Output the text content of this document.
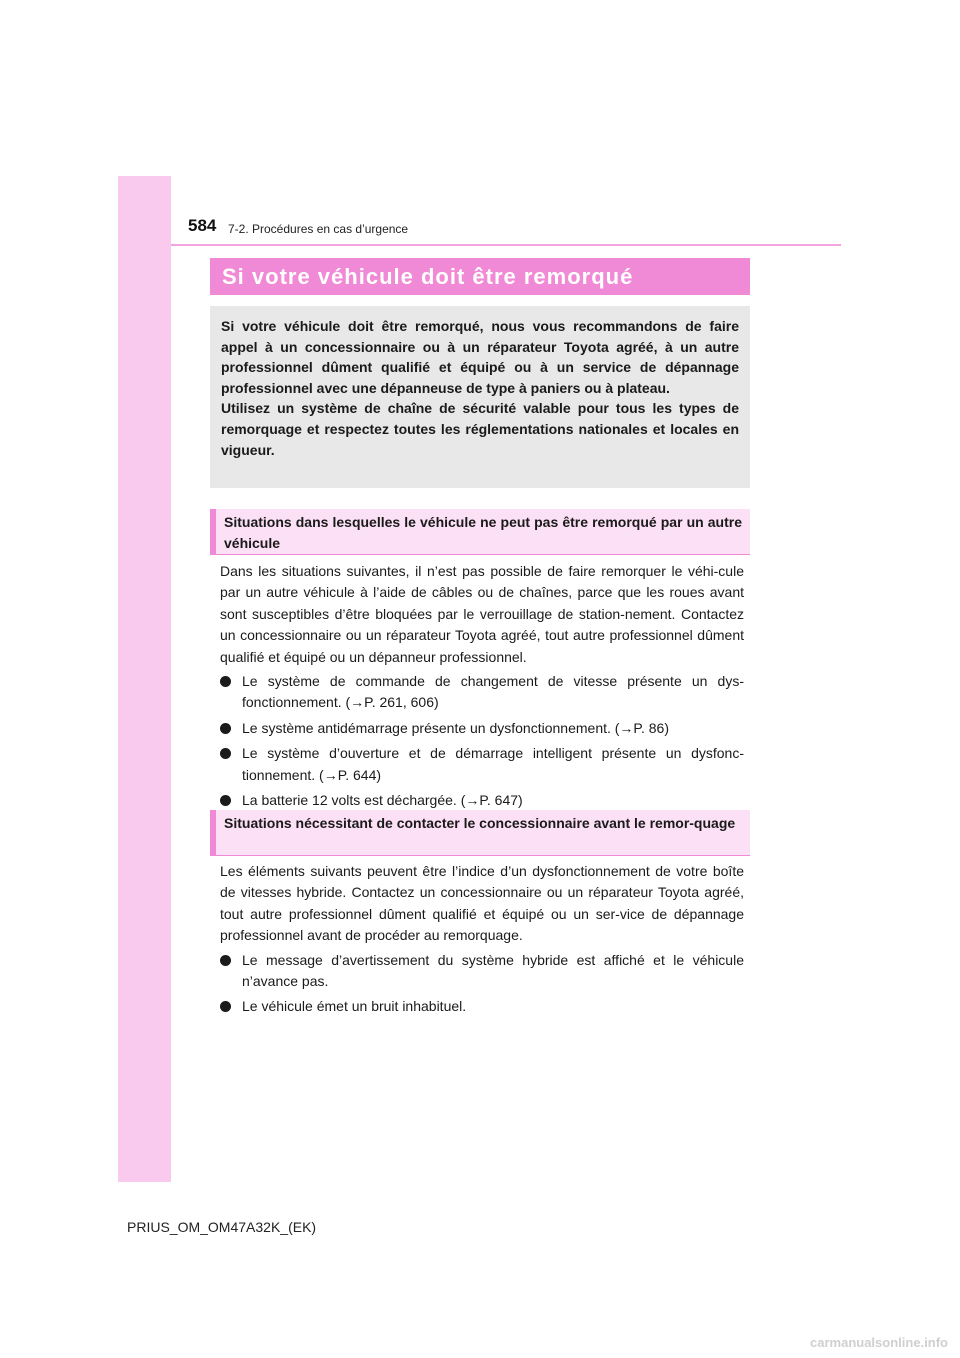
584 7-2. Procédures en cas d’urgence
Si votre véhicule doit être remorqué

Si votre véhicule doit être remorqué, nous vous recommandons de faire appel à un concessionnaire ou à un réparateur Toyota agréé, à un autre professionnel dûment qualifié et équipé ou à un service de dépannage professionnel avec une dépanneuse de type à paniers ou à plateau.

Utilisez un système de chaîne de sécurité valable pour tous les types de remorquage et respectez toutes les réglementations nationales et locales en vigueur.

Situations dans lesquelles le véhicule ne peut pas être remorqué par un autre véhicule

Dans les situations suivantes, il n’est pas possible de faire remorquer le véhi-cule par un autre véhicule à l’aide de câbles ou de chaînes, parce que les roues avant sont susceptibles d’être bloquées par le verrouillage de station-nement. Contactez un concessionnaire ou un réparateur Toyota agréé, tout autre professionnel dûment qualifié et équipé ou un dépanneur professionnel.

Le système de commande de changement de vitesse présente un dys-fonctionnement. (→P. 261, 606)
Le système antidémarrage présente un dysfonctionnement. (→P. 86)
Le système d’ouverture et de démarrage intelligent présente un dysfonc-tionnement. (→P. 644)
La batterie 12 volts est déchargée. (→P. 647)

Situations nécessitant de contacter le concessionnaire avant le remor-quage

Les éléments suivants peuvent être l’indice d’un dysfonctionnement de votre boîte de vitesses hybride. Contactez un concessionnaire ou un réparateur Toyota agréé, tout autre professionnel dûment qualifié et équipé ou un ser-vice de dépannage professionnel avant de procéder au remorquage.

Le message d’avertissement du système hybride est affiché et le véhicule n’avance pas.
Le véhicule émet un bruit inhabituel.
PRIUS_OM_OM47A32K_(EK)
carmanualsonline.info
